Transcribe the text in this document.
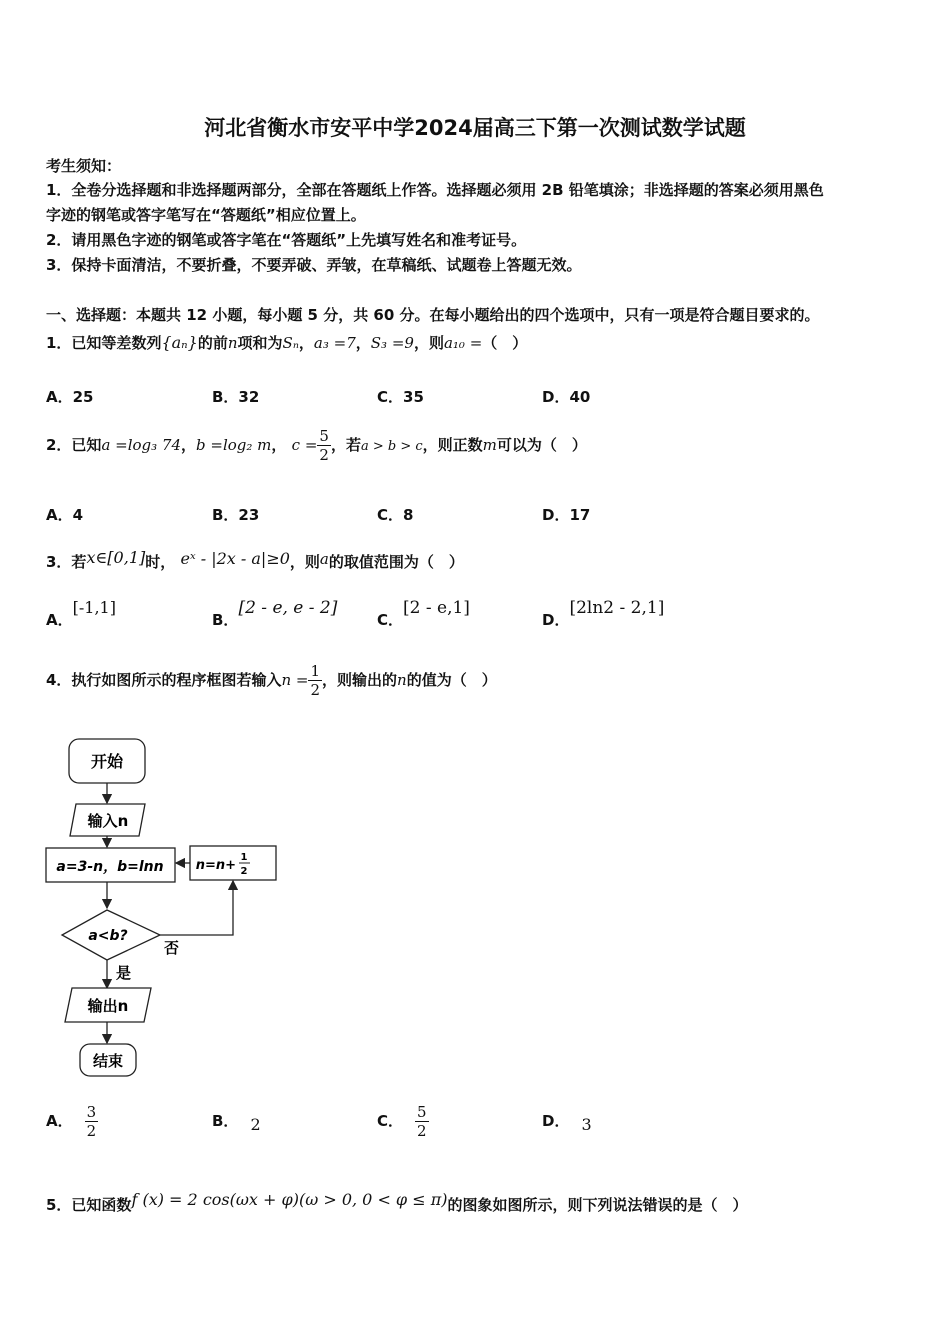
河北省衡水市安平中学2024届高三下第一次测试数学试题
考生须知：
1．全卷分选择题和非选择题两部分，全部在答题纸上作答。选择题必须用 2B 铅笔填涂；非选择题的答案必须用黑色
字迹的钢笔或答字笔写在“答题纸”相应位置上。
2．请用黑色字迹的钢笔或答字笔在“答题纸”上先填写姓名和准考证号。
3．保持卡面清洁，不要折叠，不要弄破、弄皱，在草稿纸、试题卷上答题无效。
一、选择题：本题共 12 小题，每小题 5 分，共 60 分。在每小题给出的四个选项中，只有一项是符合题目要求的。
1．已知等差数列{aₙ}的前n项和为Sₙ，a₃ =7，S₃ =9，则a₁₀ =（　）
A．25	B．32	C．35	D．40
2．已知a =log₃ 74，b =log₂ m， $c = \frac{5}{2}$ ，若a > b > c，则正数m可以为（　）
A．4	B．23	C．8	D．17
3．若x∈[0,1]时， eˣ - |2x - a|≥0，则a的取值范围为（　）
A．[-1,1]
B．[2 - e, e - 2]
C．[2 - e,1]
D．[2ln2 - 2,1]
4．执行如图所示的程序框图若输入$n = \frac{1}{2}$ ，则输出的n的值为（　）
开始
输入n
a=3-n，b=lnn n=n+
1
2
a<b?
否
是
输出n
结束
A． $\frac{3}{2}$	B． 2	C． $\frac{5}{2}$	D． 3
5．已知函数f (x) = 2 cos(ωx + φ)(ω > 0, 0 < φ ≤ π)的图象如图所示，则下列说法错误的是（　）
